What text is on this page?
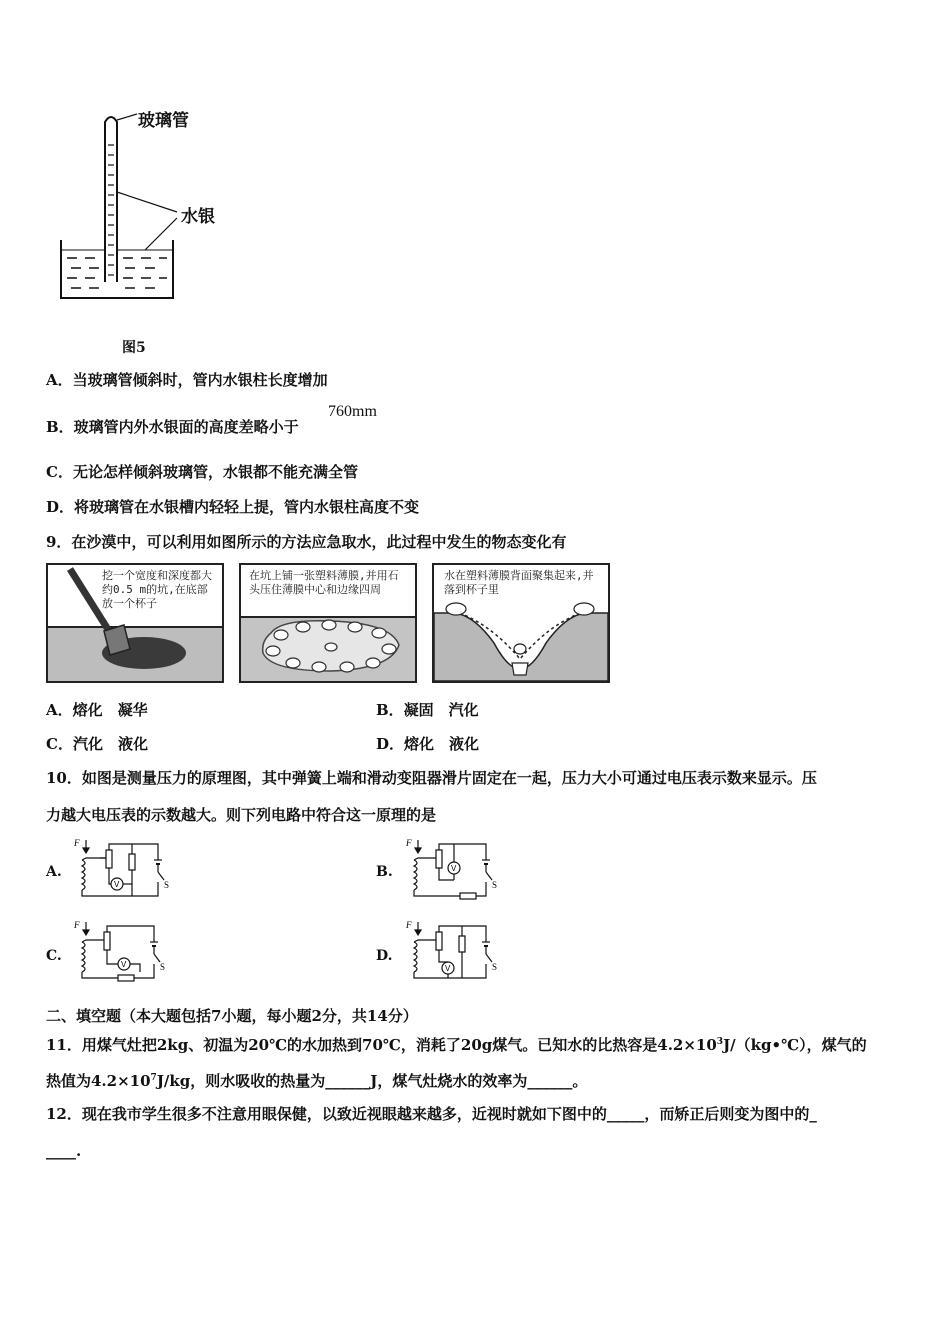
玻璃管
水银
图5
A．当玻璃管倾斜时，管内水银柱长度增加
B．玻璃管内外水银面的高度差略小于
760mm
C．无论怎样倾斜玻璃管，水银都不能充满全管
D．将玻璃管在水银槽内轻轻上提，管内水银柱高度不变
9．在沙漠中，可以利用如图所示的方法应急取水，此过程中发生的物态变化有
挖一个宽度和深度都大约0.5 m的坑,在底部放一个杯子
在坑上铺一张塑料薄膜,并用石头压住薄膜中心和边缘四周
水在塑料薄膜背面聚集起来,并落到杯子里
A．熔化　凝华	B．凝固　汽化
C．汽化　液化	D．熔化　液化
10．如图是测量压力的原理图，其中弹簧上端和滑动变阻器滑片固定在一起，压力大小可通过电压表示数来显示。压
力越大电压表的示数越大。则下列电路中符合这一原理的是
A.
F
V	S
B.
F
V
S
C.
F
V	S
D.
F
V	S
二、填空题（本大题包括7小题，每小题2分，共14分）
11．用煤气灶把2kg、初温为20℃的水加热到70℃，消耗了20g煤气。已知水的比热容是$4.2\times 10^3J/(kg•℃)$，煤气的
热值为$4.2\times 10^7J/kg$，则水吸收的热量为______J，煤气灶烧水的效率为______。
12．现在我市学生很多不注意用眼保健，以致近视眼越来越多，近视时就如下图中的_____，而矫正后则变为图中的_
____.
